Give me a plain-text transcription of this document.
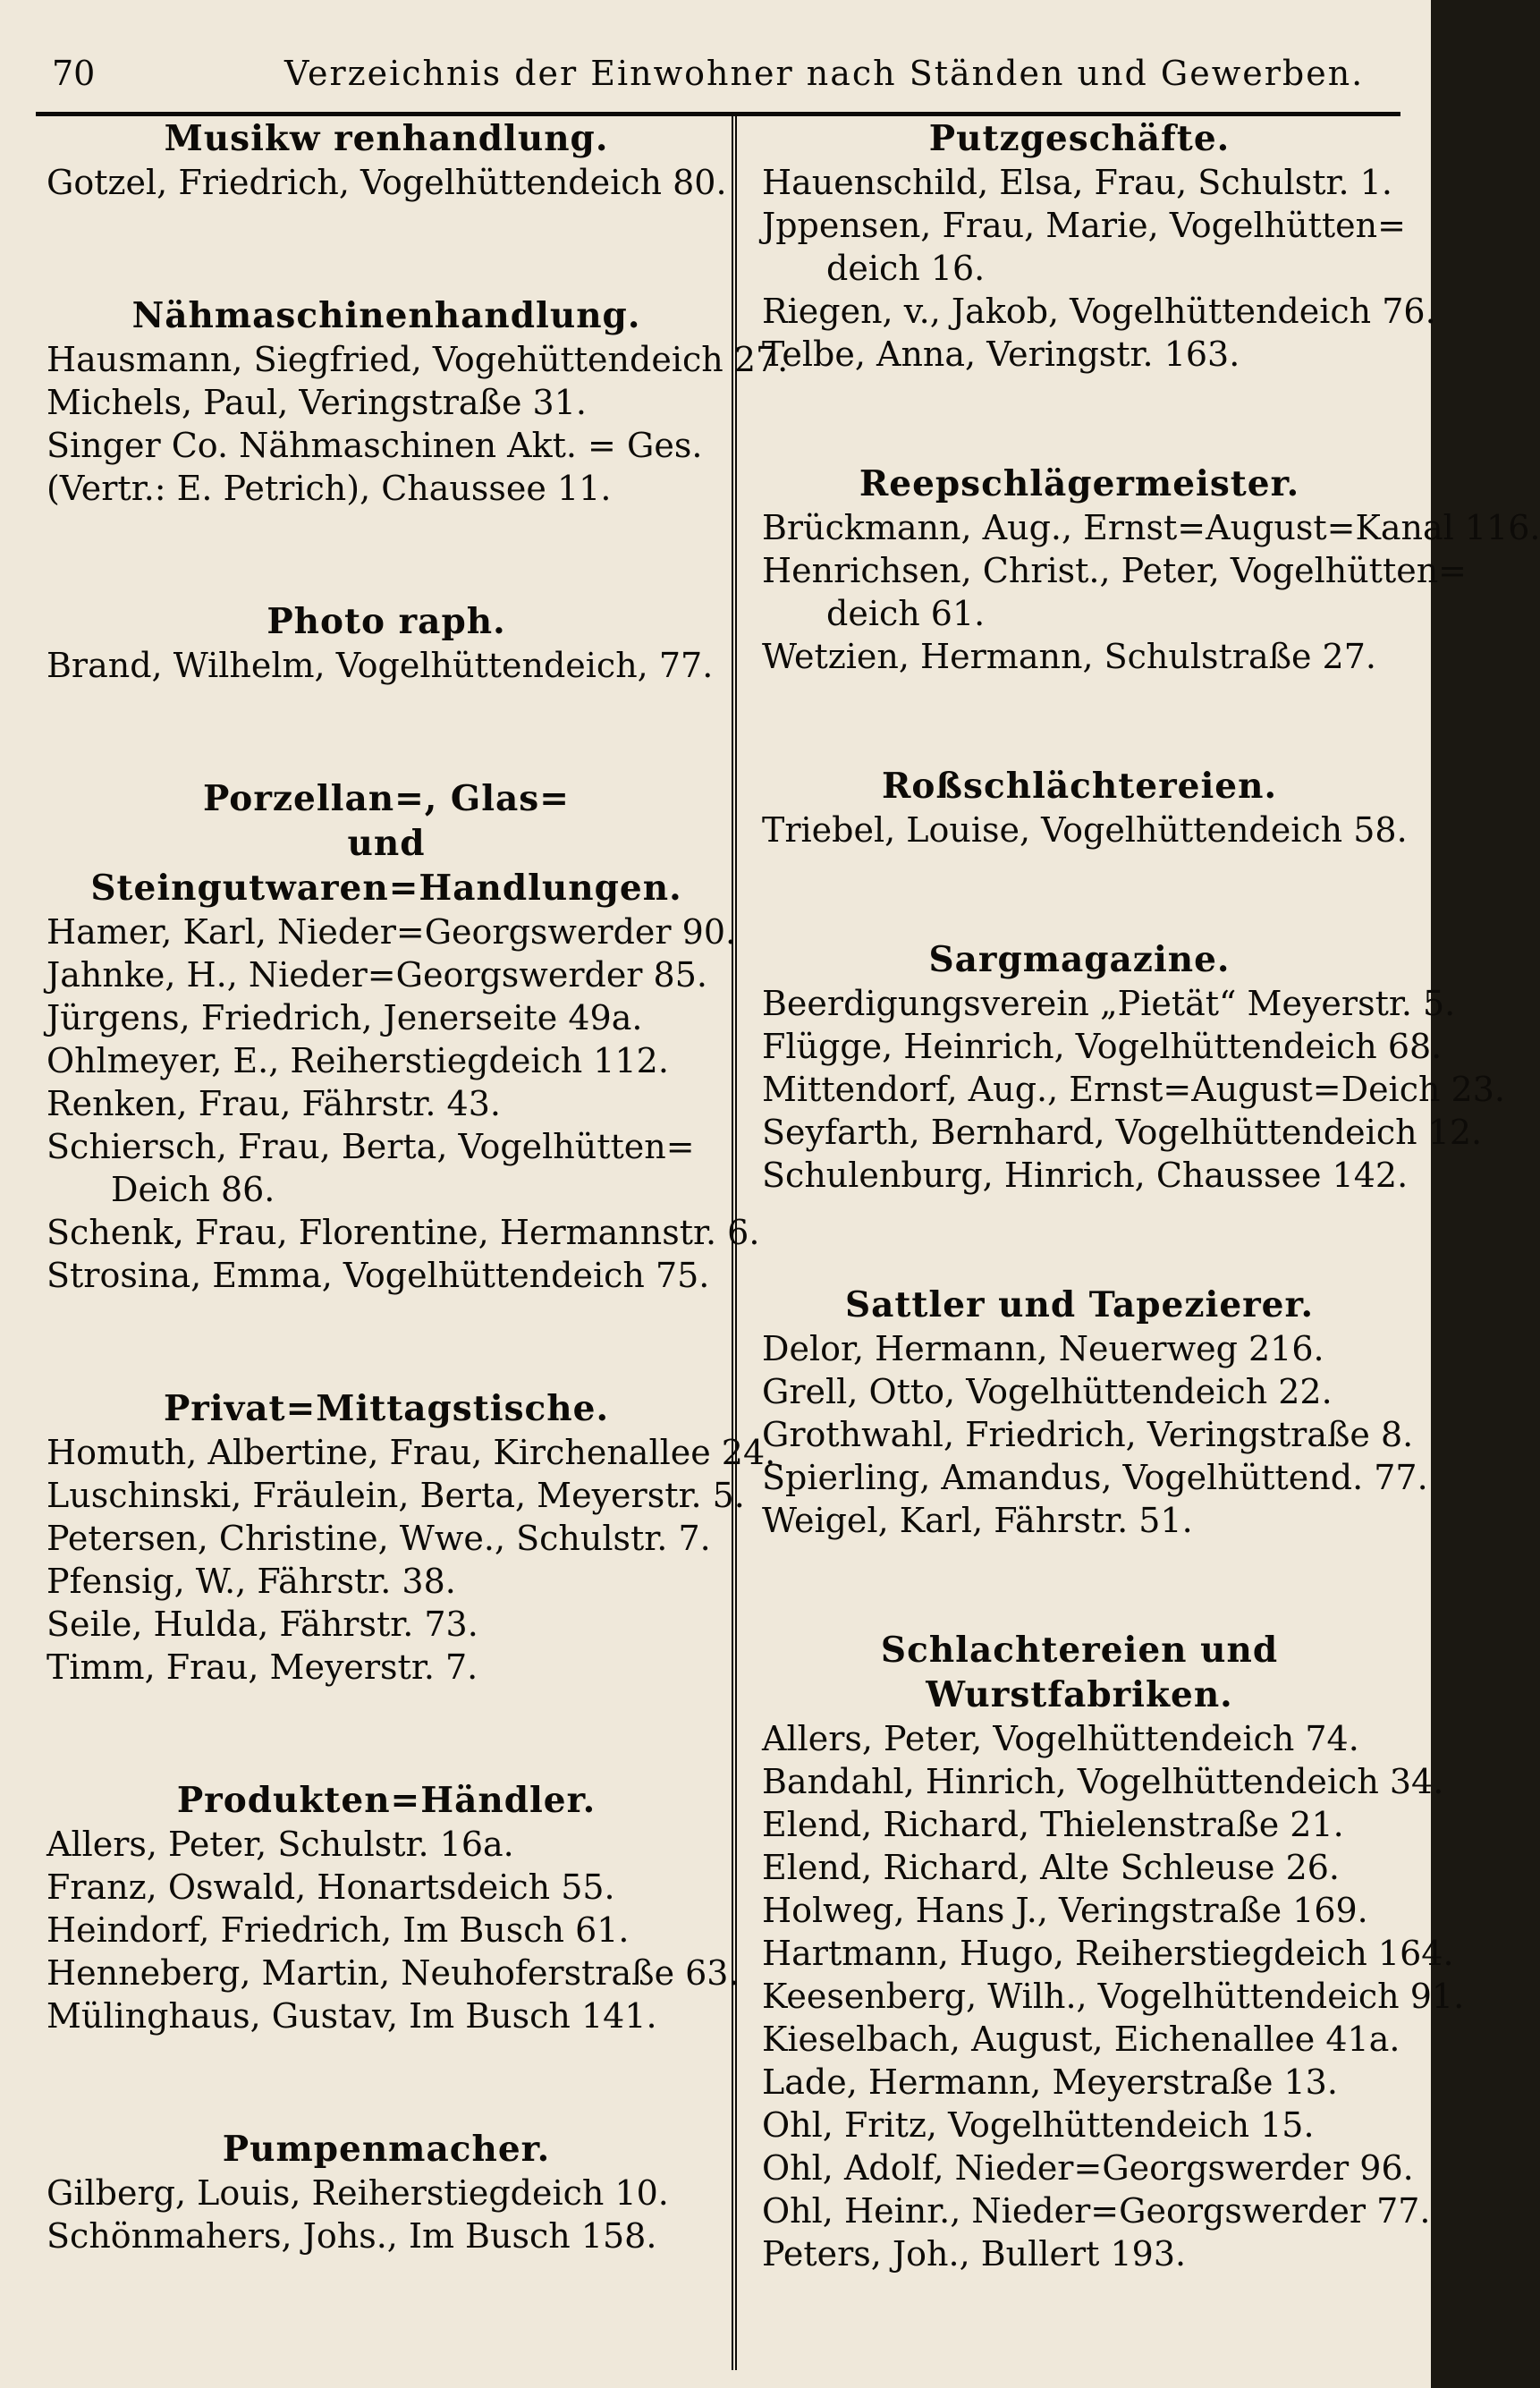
70	Verzeichnis der Einwohner nach Ständen und Gewerben.
Musikw renhandlung.
Gotzel, Friedrich, Vogelhüttendeich 80.
Nähmaschinenhandlung.
Hausmann, Siegfried, Vogehüttendeich 27.
Michels, Paul, Veringstraße 31.
Singer Co. Nähmaschinen Akt. = Ges.
(Vertr.: E. Petrich), Chaussee 11.
Photo raph.
Brand, Wilhelm, Vogelhüttendeich, 77.
Porzellan=, Glas=
und Steingutwaren=Handlungen.
Hamer, Karl, Nieder=Georgswerder 90.
Jahnke, H., Nieder=Georgswerder 85.
Jürgens, Friedrich, Jenerseite 49a.
Ohlmeyer, E., Reiherstiegdeich 112.
Renken, Frau, Fährstr. 43.
Schiersch, Frau, Berta, Vogelhütten=
Deich 86.
Schenk, Frau, Florentine, Hermannstr. 6.
Strosina, Emma, Vogelhüttendeich 75.
Privat=Mittagstische.
Homuth, Albertine, Frau, Kirchenallee 24.
Luschinski, Fräulein, Berta, Meyerstr. 5.
Petersen, Christine, Wwe., Schulstr. 7.
Pfensig, W., Fährstr. 38.
Seile, Hulda, Fährstr. 73.
Timm, Frau, Meyerstr. 7.
Produkten=Händler.
Allers, Peter, Schulstr. 16a.
Franz, Oswald, Honartsdeich 55.
Heindorf, Friedrich, Im Busch 61.
Henneberg, Martin, Neuhoferstraße 63.
Mülinghaus, Gustav, Im Busch 141.
Pumpenmacher.
Gilberg, Louis, Reiherstiegdeich 10.
Schönmahers, Johs., Im Busch 158.
Putzgeschäfte.
Hauenschild, Elsa, Frau, Schulstr. 1.
Jppensen, Frau, Marie, Vogelhütten=
deich 16.
Riegen, v., Jakob, Vogelhüttendeich 76.
Telbe, Anna, Veringstr. 163.
Reepschlägermeister.
Brückmann, Aug., Ernst=August=Kanal 116.
Henrichsen, Christ., Peter, Vogelhütten=
deich 61.
Wetzien, Hermann, Schulstraße 27.
Roßschlächtereien.
Triebel, Louise, Vogelhüttendeich 58.
Sargmagazine.
Beerdigungsverein „Pietät“ Meyerstr. 5.
Flügge, Heinrich, Vogelhüttendeich 68.
Mittendorf, Aug., Ernst=August=Deich 23.
Seyfarth, Bernhard, Vogelhüttendeich 12.
Schulenburg, Hinrich, Chaussee 142.
Sattler und Tapezierer.
Delor, Hermann, Neuerweg 216.
Grell, Otto, Vogelhüttendeich 22.
Grothwahl, Friedrich, Veringstraße 8.
Spierling, Amandus, Vogelhüttend. 77.
Weigel, Karl, Fährstr. 51.
Schlachtereien und Wurstfabriken.
Allers, Peter, Vogelhüttendeich 74.
Bandahl, Hinrich, Vogelhüttendeich 34.
Elend, Richard, Thielenstraße 21.
Elend, Richard, Alte Schleuse 26.
Holweg, Hans J., Veringstraße 169.
Hartmann, Hugo, Reiherstiegdeich 164.
Keesenberg, Wilh., Vogelhüttendeich 91.
Kieselbach, August, Eichenallee 41a.
Lade, Hermann, Meyerstraße 13.
Ohl, Fritz, Vogelhüttendeich 15.
Ohl, Adolf, Nieder=Georgswerder 96.
Ohl, Heinr., Nieder=Georgswerder 77.
Peters, Joh., Bullert 193.
